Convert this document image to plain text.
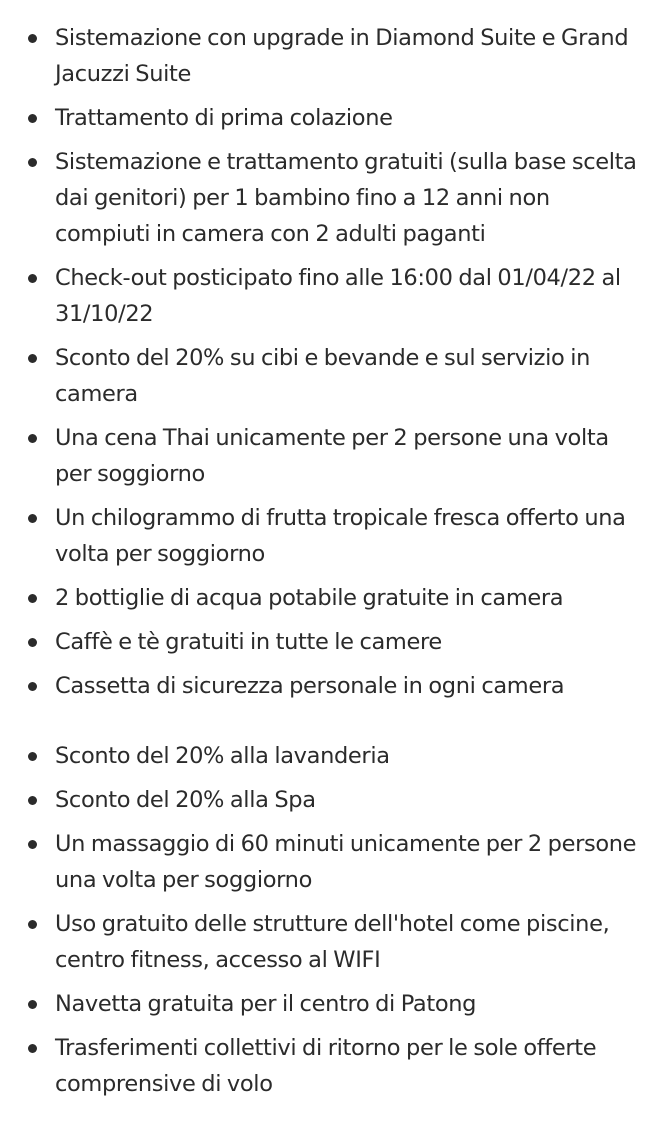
Sistemazione con upgrade in Diamond Suite e Grand Jacuzzi Suite
Trattamento di prima colazione
Sistemazione e trattamento gratuiti (sulla base scelta dai genitori) per 1 bambino fino a 12 anni non compiuti in camera con 2 adulti paganti
Check-out posticipato fino alle 16:00 dal 01/04/22 al 31/10/22
Sconto del 20% su cibi e bevande e sul servizio in camera
Una cena Thai unicamente per 2 persone una volta per soggiorno
Un chilogrammo di frutta tropicale fresca offerto una volta per soggiorno
2 bottiglie di acqua potabile gratuite in camera
Caffè e tè gratuiti in tutte le camere
Cassetta di sicurezza personale in ogni camera
Sconto del 20% alla lavanderia
Sconto del 20% alla Spa
Un massaggio di 60 minuti unicamente per 2 persone una volta per soggiorno
Uso gratuito delle strutture dell'hotel come piscine, centro fitness, accesso al WIFI
Navetta gratuita per il centro di Patong
Trasferimenti collettivi di ritorno per le sole offerte comprensive di volo
